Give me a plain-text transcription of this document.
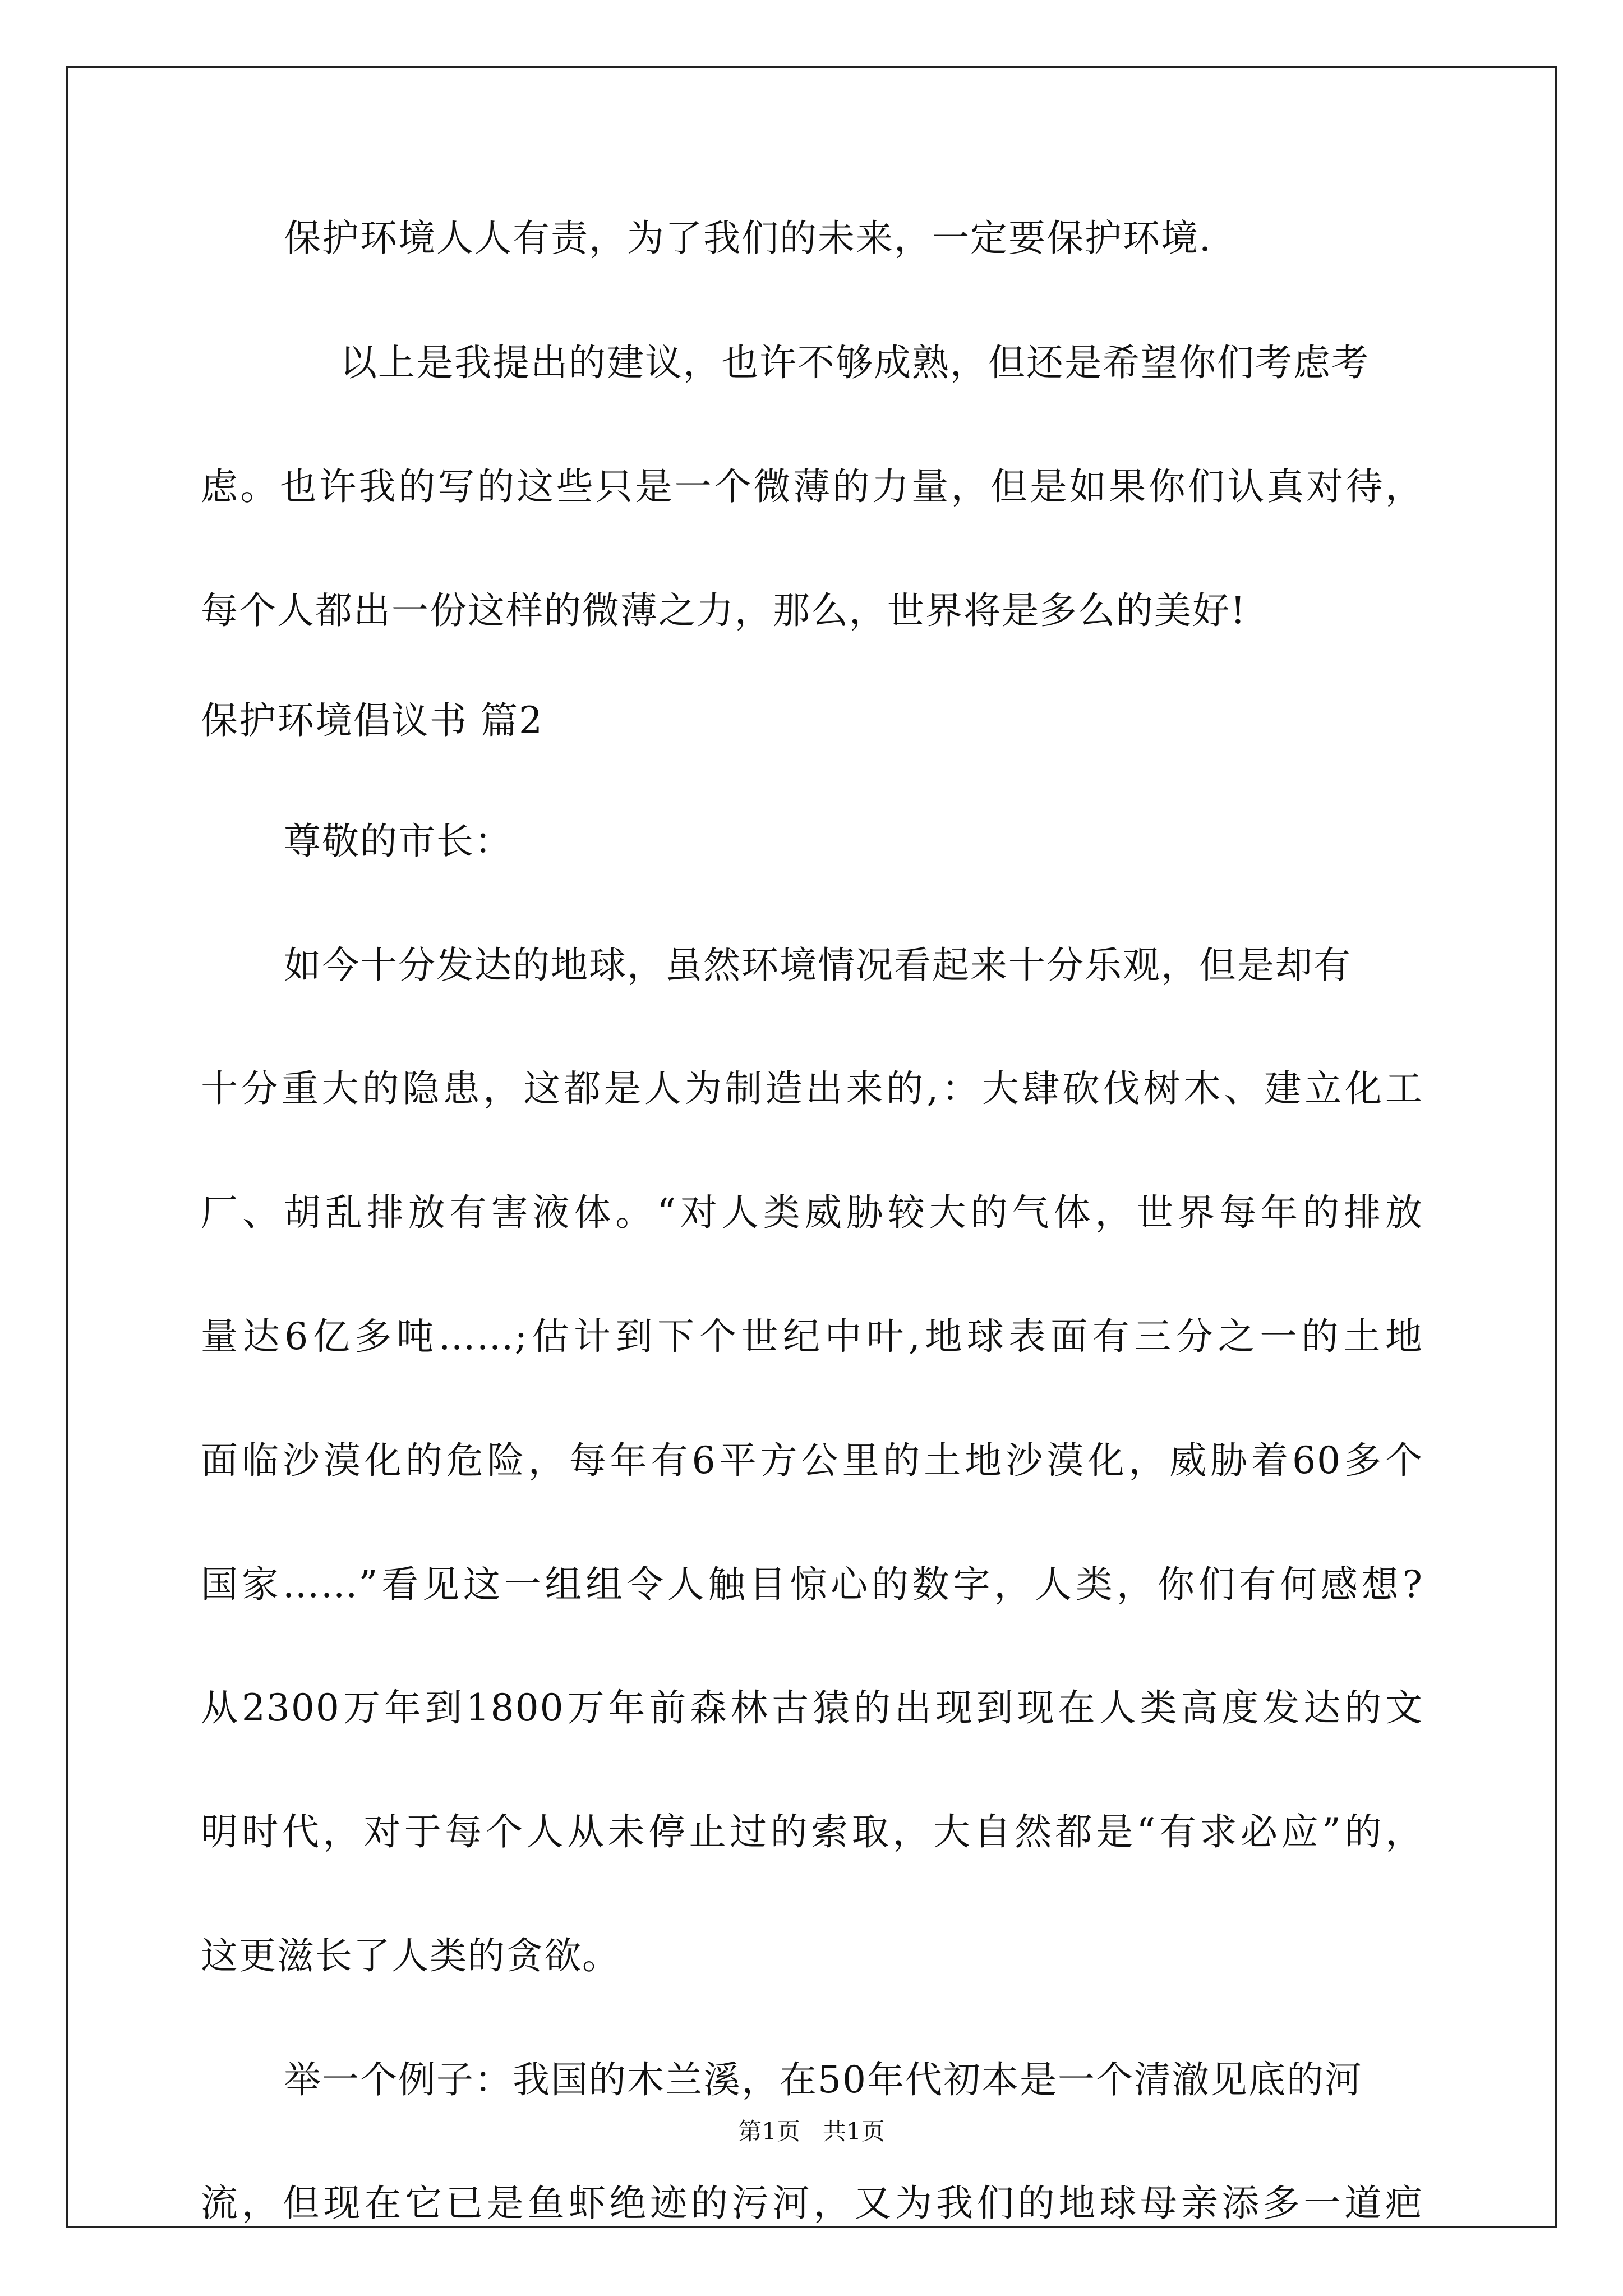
保护环境人人有责，为了我们的未来，一定要保护环境.
以上是我提出的建议，也许不够成熟，但还是希望你们考虑考
虑。也许我的写的这些只是一个微薄的力量，但是如果你们认真对待，
每个人都出一份这样的微薄之力，那么，世界将是多么的美好!
保护环境倡议书 篇2
尊敬的市长：
如今十分发达的地球，虽然环境情况看起来十分乐观，但是却有
十分重大的隐患，这都是人为制造出来的,：大肆砍伐树木、建立化工
厂、胡乱排放有害液体。“对人类威胁较大的气体，世界每年的排放
量达6亿多吨……;估计到下个世纪中叶,地球表面有三分之一的土地
面临沙漠化的危险，每年有6平方公里的土地沙漠化，威胁着60多个
国家……”看见这一组组令人触目惊心的数字，人类，你们有何感想?
从2300万年到1800万年前森林古猿的出现到现在人类高度发达的文
明时代，对于每个人从未停止过的索取，大自然都是“有求必应”的，
这更滋长了人类的贪欲。
举一个例子：我国的木兰溪，在50年代初本是一个清澈见底的河
流，但现在它已是鱼虾绝迹的污河，又为我们的地球母亲添多一道疤
第1页 共1页
